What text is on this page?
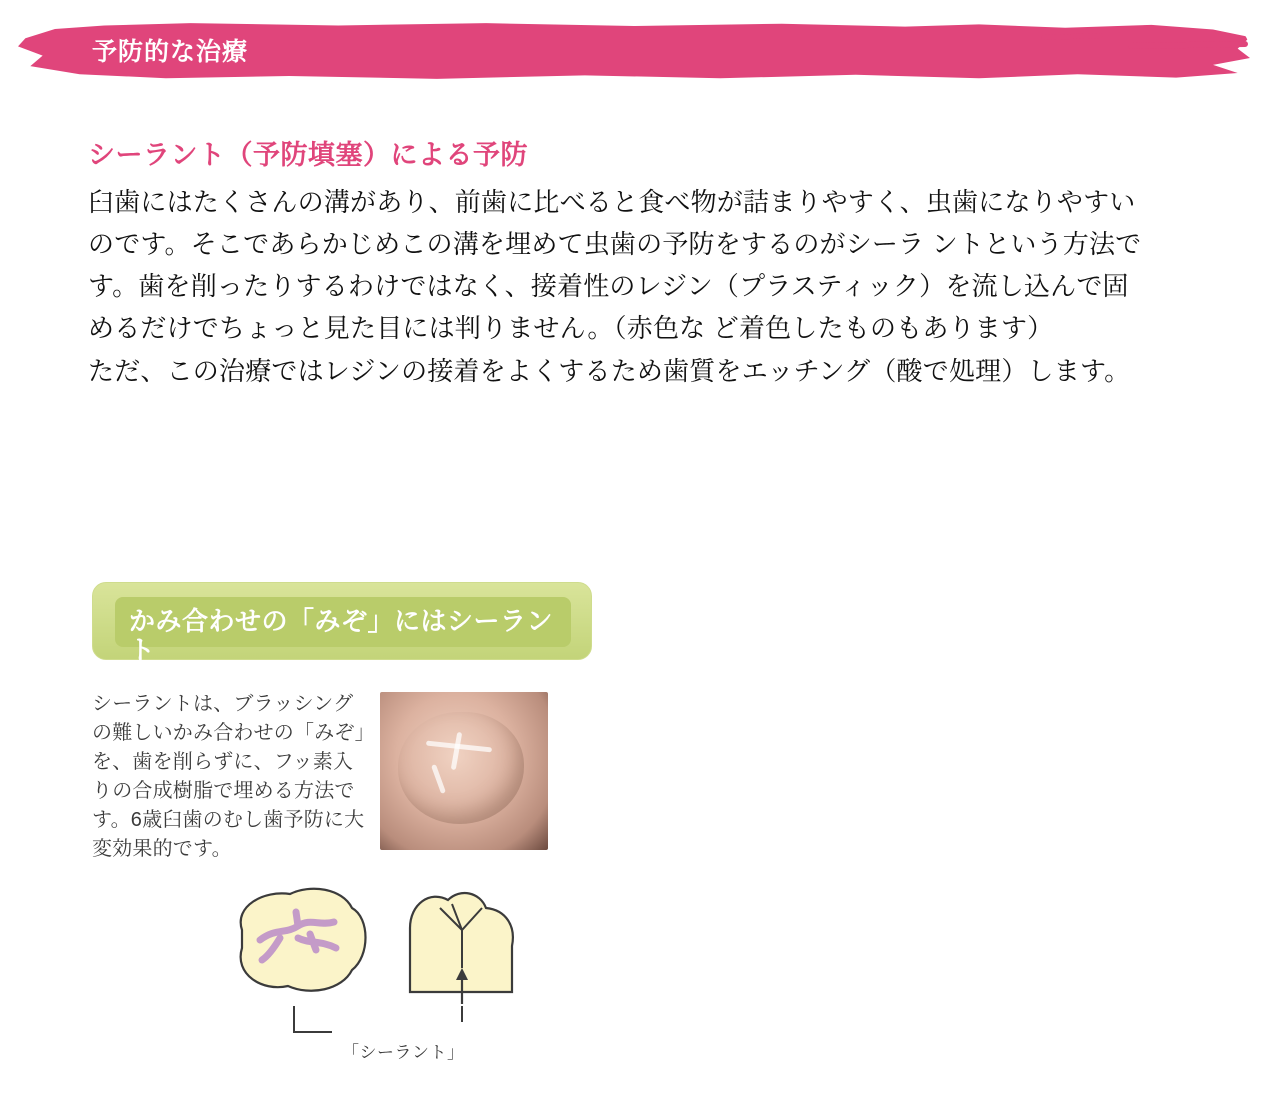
予防的な治療
シーラント（予防填塞）による予防

臼歯にはたくさんの溝があり、前歯に比べると食べ物が詰まりやすく、虫歯になりやすいのです。そこであらかじめこの溝を埋めて虫歯の予防をするのがシーラ ントという方法です。歯を削ったりするわけではなく、接着性のレジン（プラスティック）を流し込んで固めるだけでちょっと見た目には判りません。（赤色な ど着色したものもあります）

ただ、この治療ではレジンの接着をよくするため歯質をエッチング（酸で処理）します。

かみ合わせの「みぞ」にはシーラント

シーラントは、ブラッシングの難しいかみ合わせの「みぞ」を、歯を削らずに、フッ素入りの合成樹脂で埋める方法です。6歳臼歯のむし歯予防に大変効果的です。

「シーラント」
